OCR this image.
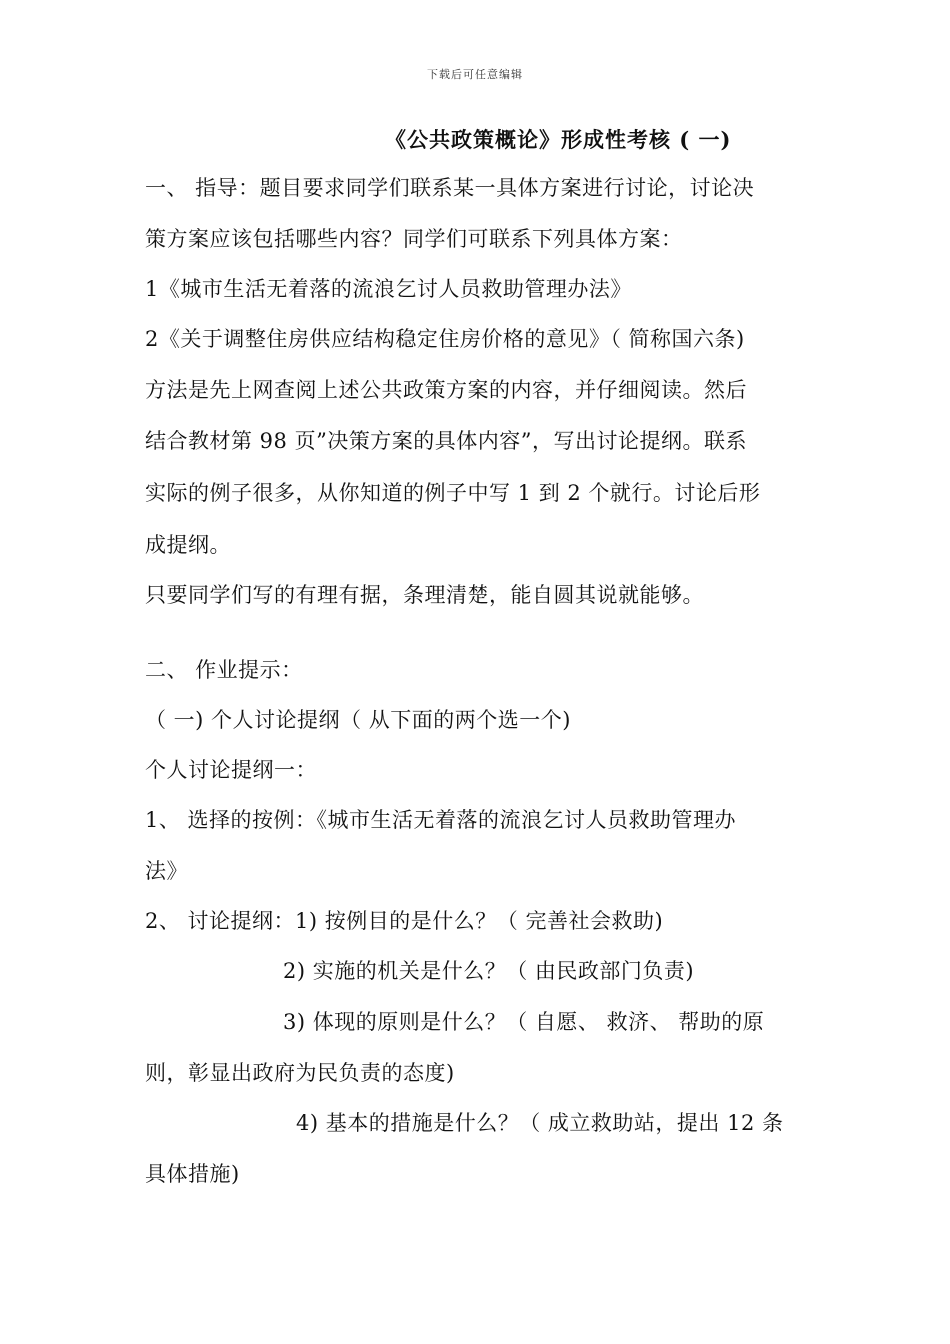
下载后可任意编辑
《公共政策概论》形成性考核 ( 一)
一、 指导：题目要求同学们联系某一具体方案进行讨论，讨论决
策方案应该包括哪些内容？同学们可联系下列具体方案：
1《城市生活无着落的流浪乞讨人员救助管理办法》
2《关于调整住房供应结构稳定住房价格的意见》（ 简称国六条)
方法是先上网查阅上述公共政策方案的内容，并仔细阅读。然后
结合教材第 98 页”决策方案的具体内容”，写出讨论提纲。联系
实际的例子很多，从你知道的例子中写 1 到 2 个就行。讨论后形
成提纲。
只要同学们写的有理有据，条理清楚，能自圆其说就能够。
二、 作业提示：
（ 一) 个人讨论提纲（ 从下面的两个选一个)
个人讨论提纲一：
1、 选择的按例：《城市生活无着落的流浪乞讨人员救助管理办
法》
2、 讨论提纲：1) 按例目的是什么？（ 完善社会救助)
2) 实施的机关是什么？（ 由民政部门负责)
3) 体现的原则是什么？（ 自愿、 救济、 帮助的原
则，彰显出政府为民负责的态度)
4) 基本的措施是什么？（ 成立救助站，提出 12 条
具体措施)
